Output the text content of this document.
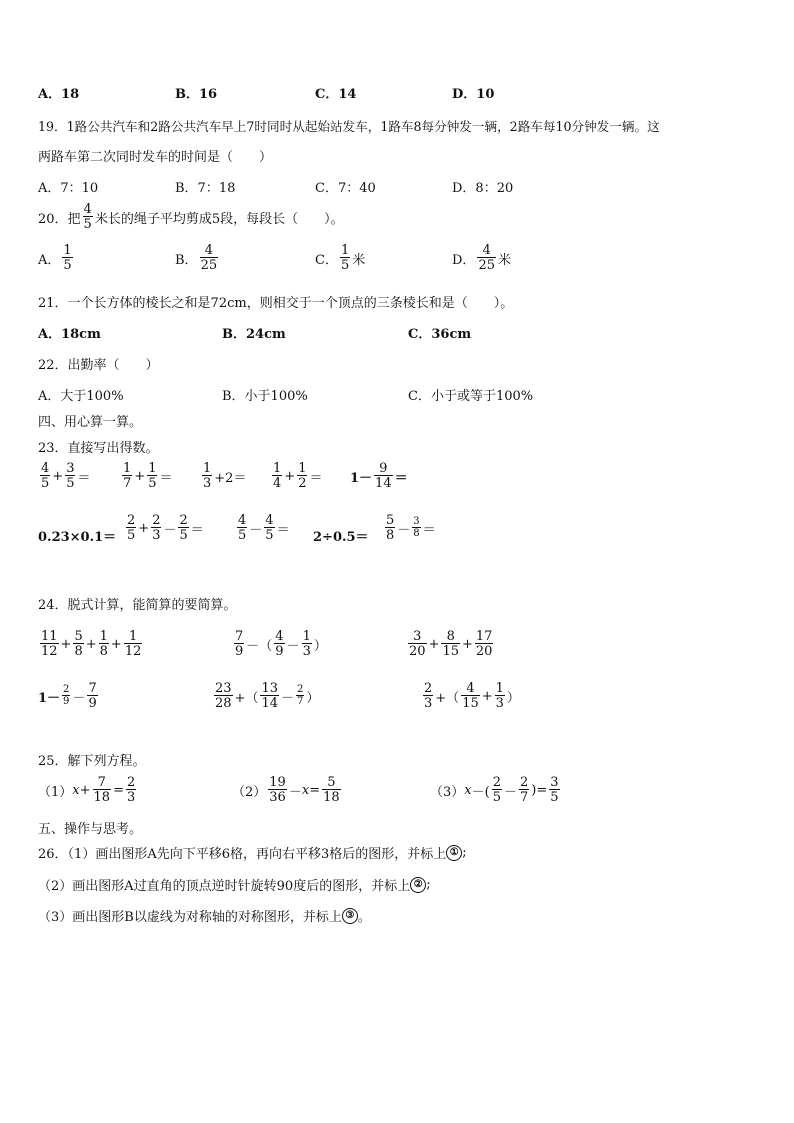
A．18	B．16	C．14	D．10
19．1路公共汽车和2路公共汽车早上7时同时从起始站发车，1路车8每分钟发一辆，2路车每10分钟发一辆。这
两路车第二次同时发车的时间是（　　）
A．7：10	B．7：18	C．7：40	D．8：20
20．把
4
5 米长的绳子平均剪成5段，每段长（　　）。
A．
1
5	B．
4
25	C．
1
5 米	D．
4
25 米
21．一个长方体的棱长之和是72cm，则相交于一个顶点的三条棱长和是（　　）。
A．18cm	B．24cm	C．36cm
22．出勤率（　　）
A．大于100%	B．小于100%	C．小于或等于100%
四、用心算一算。
23．直接写出得数。
4
$5 + \frac{3}{5}$ ＝
1
$7 + \frac{1}{5}$ ＝
1
3 +2＝
1
$4 + \frac{1}{2} = 1-$
9
14 ＝
0.23×0.1＝
2
$5 + \frac{2}{3}$ －
2
5 ＝
4
5 －
4
5 ＝ 2÷0.5＝
5
8 －
3
8 ＝
24．脱式计算，能简算的要简算。
11
$12 + \frac{5}{8} + \frac{1}{8} + \frac{1}{12}$	7
9 －（
4
9 －
1
3 ）
3
$20 + \frac{8}{15} + \frac{17}{20}$
1－
2
9 －
7
9
23
28 +（
13
14 －
2
7 ）
2
3 +（
4
$15 + \frac{1}{3}$ ）
25．解下列方程。
（1） $x + \frac{7}{18} = \frac{2}{3}$	（2）
19
$36 - x = \frac{5}{18}$	（3） x －(
2
5 －
2
7 )= $\frac{3}{5}$
五、操作与思考。
26．（1）画出图形A先向下平移6格，再向右平移3格后的图形，并标上 ① ;
（2）画出图形A过直角的顶点逆时针旋转90度后的图形，并标上 ② ;
（3）画出图形B以虚线为对称轴的对称图形，并标上 ③ 。
